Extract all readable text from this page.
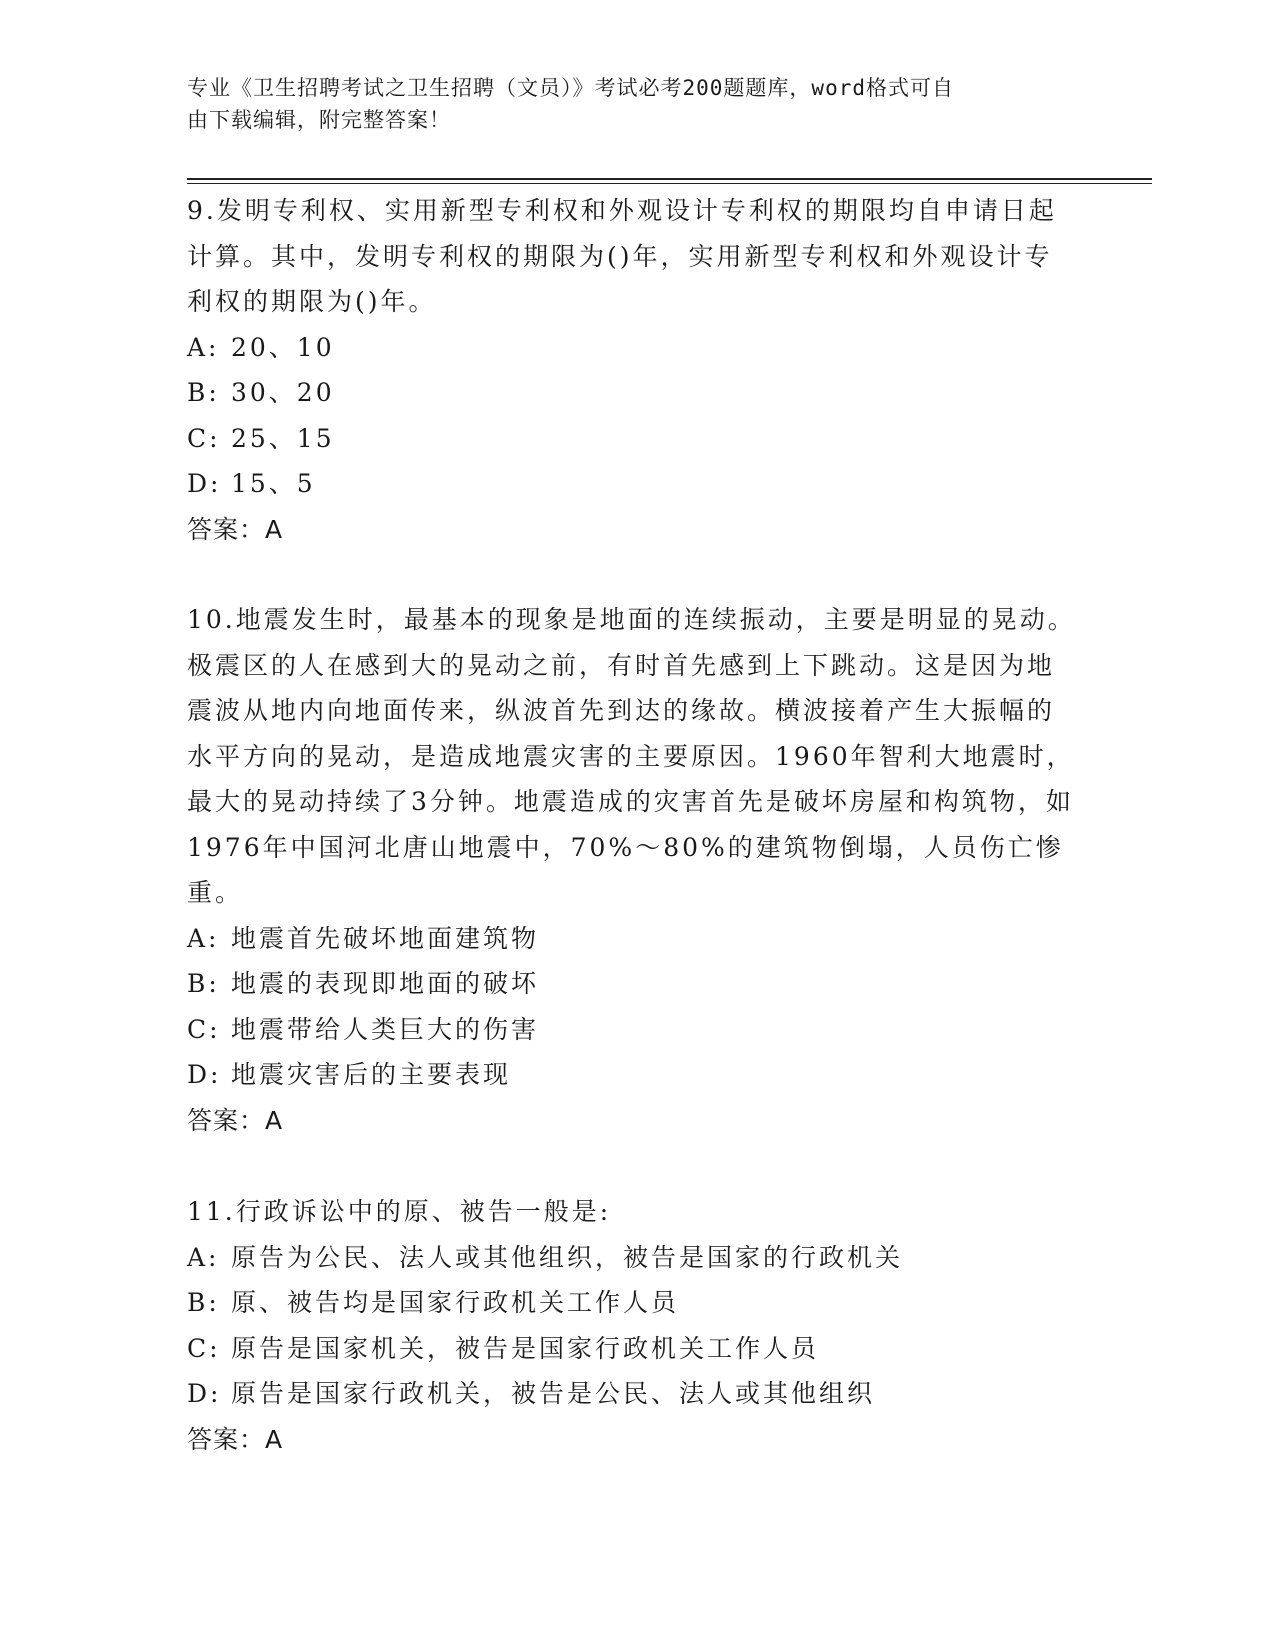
专业《卫生招聘考试之卫生招聘（文员）》考试必考200题题库，word格式可自
由下载编辑，附完整答案！
9.发明专利权、实用新型专利权和外观设计专利权的期限均自申请日起计算。其中，发明专利权的期限为()年，实用新型专利权和外观设计专利权的期限为()年。
A: 20、10
B: 30、20
C: 25、15
D: 15、5
答案：A
10.地震发生时，最基本的现象是地面的连续振动，主要是明显的晃动。极震区的人在感到大的晃动之前，有时首先感到上下跳动。这是因为地震波从地内向地面传来，纵波首先到达的缘故。横波接着产生大振幅的水平方向的晃动，是造成地震灾害的主要原因。1960年智利大地震时，最大的晃动持续了3分钟。地震造成的灾害首先是破坏房屋和构筑物，如1976年中国河北唐山地震中，70%～80%的建筑物倒塌，人员伤亡惨重。
A: 地震首先破坏地面建筑物
B: 地震的表现即地面的破坏
C: 地震带给人类巨大的伤害
D: 地震灾害后的主要表现
答案：A
11.行政诉讼中的原、被告一般是:
A: 原告为公民、法人或其他组织，被告是国家的行政机关
B: 原、被告均是国家行政机关工作人员
C: 原告是国家机关，被告是国家行政机关工作人员
D: 原告是国家行政机关，被告是公民、法人或其他组织
答案：A
